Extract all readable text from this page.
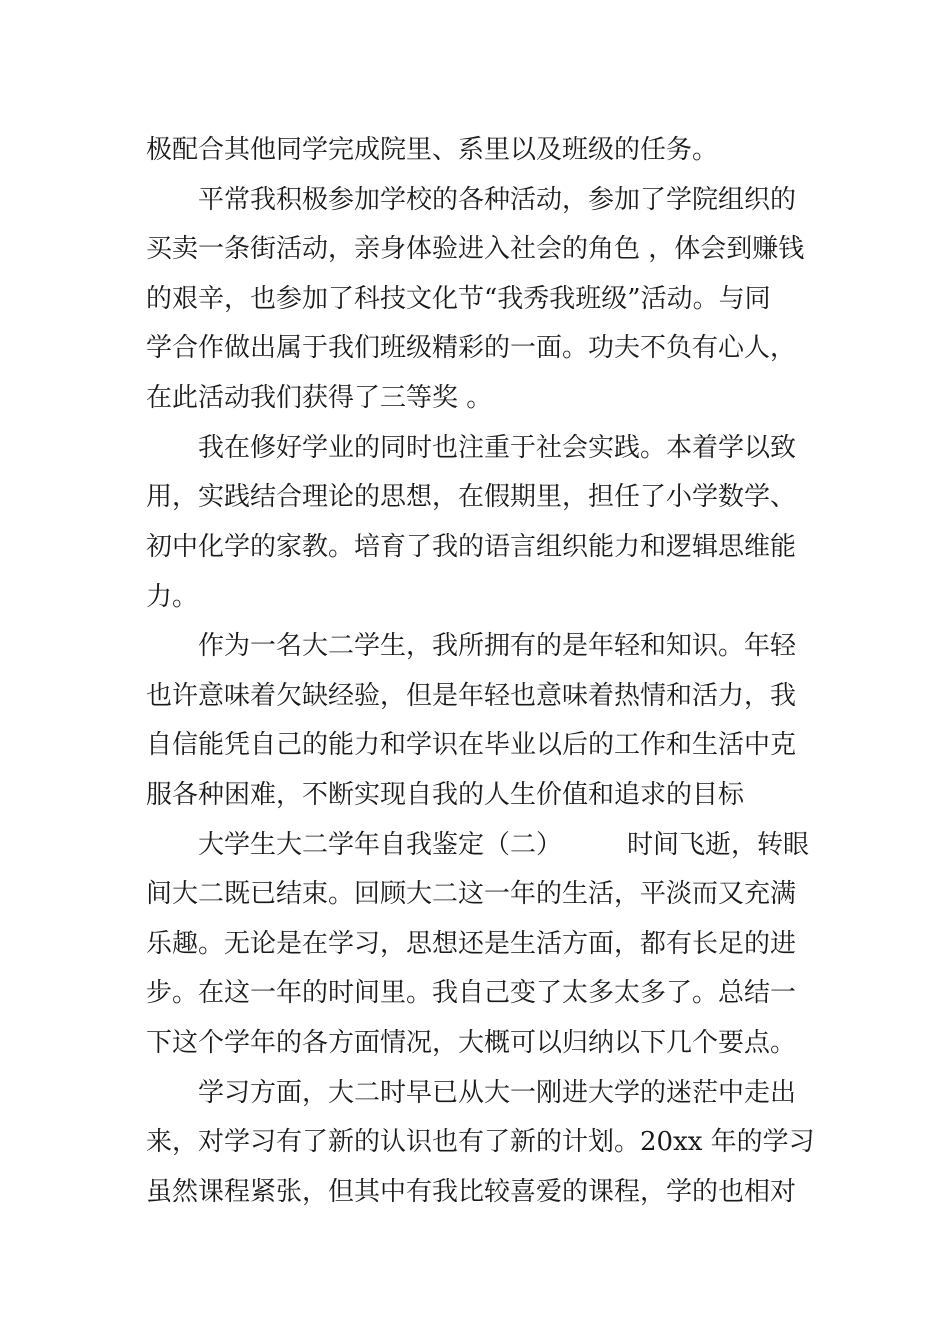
极配合其他同学完成院里、系里以及班级的任务。
　　平常我积极参加学校的各种活动，参加了学院组织的
买卖一条街活动，亲身体验进入社会的角色 ，体会到赚钱
的艰辛，也参加了科技文化节“我秀我班级”活动。与同
学合作做出属于我们班级精彩的一面。功夫不负有心人，
在此活动我们获得了三等奖 。
　　我在修好学业的同时也注重于社会实践。本着学以致
用，实践结合理论的思想，在假期里，担任了小学数学、
初中化学的家教。培育了我的语言组织能力和逻辑思维能
力。
　　作为一名大二学生，我所拥有的是年轻和知识。年轻
也许意味着欠缺经验，但是年轻也意味着热情和活力，我
自信能凭自己的能力和学识在毕业以后的工作和生活中克
服各种困难，不断实现自我的人生价值和追求的目标
　　大学生大二学年自我鉴定（二）　　　时间飞逝，转眼
间大二既已结束。回顾大二这一年的生活，平淡而又充满
乐趣。无论是在学习，思想还是生活方面，都有长足的进
步。在这一年的时间里。我自己变了太多太多了。总结一
下这个学年的各方面情况，大概可以归纳以下几个要点。
　　学习方面，大二时早已从大一刚进大学的迷茫中走出
来，对学习有了新的认识也有了新的计划。20xx 年的学习
虽然课程紧张，但其中有我比较喜爱的课程，学的也相对
